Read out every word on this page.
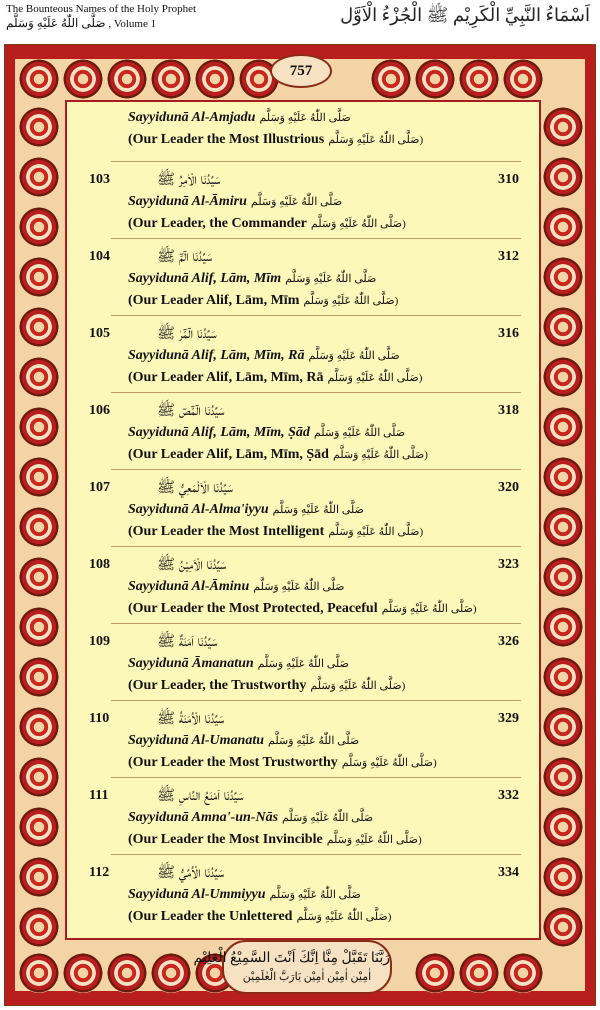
The Bounteous Names of the Holy Prophet
صَلَّى اللّٰهُ عَلَيْهِ وَسَلَّم , Volume 1	اَسْمَاءُ النَّبِيِّ الْكَرِيْم ﷺ الْجُزْءُ الْاَوَّل
757
Sayyidunā Al-Amjadu صَلَّى اللّٰهُ عَلَيْهِ وَسَلَّم
(Our Leader the Most Illustrious صَلَّى اللّٰهُ عَلَيْهِ وَسَلَّم)
103	310
سَيِّدُنَا الْاٰمِرُ ﷺ
Sayyidunā Al-Āmiru صَلَّى اللّٰهُ عَلَيْهِ وَسَلَّم
(Our Leader, the Commander صَلَّى اللّٰهُ عَلَيْهِ وَسَلَّم)
104	312
سَيِّدُنَا الٓمّٓ ﷺ
Sayyidunā Alif, Lām, Mīm صَلَّى اللّٰهُ عَلَيْهِ وَسَلَّم
(Our Leader Alif, Lām, Mīm صَلَّى اللّٰهُ عَلَيْهِ وَسَلَّم)
105	316
سَيِّدُنَا الٓمّٓرٰ ﷺ
Sayyidunā Alif, Lām, Mīm, Rā صَلَّى اللّٰهُ عَلَيْهِ وَسَلَّم
(Our Leader Alif, Lām, Mīm, Rā صَلَّى اللّٰهُ عَلَيْهِ وَسَلَّم)
106	318
سَيِّدُنَا الٓمّٓصٓ ﷺ
Sayyidunā Alif, Lām, Mīm, Ṣād صَلَّى اللّٰهُ عَلَيْهِ وَسَلَّم
(Our Leader Alif, Lām, Mīm, Ṣād صَلَّى اللّٰهُ عَلَيْهِ وَسَلَّم)
107	320
سَيِّدُنَا الْاَلْمَعِيُّ ﷺ
Sayyidunā Al-Alma'iyyu صَلَّى اللّٰهُ عَلَيْهِ وَسَلَّم
(Our Leader the Most Intelligent صَلَّى اللّٰهُ عَلَيْهِ وَسَلَّم)
108	323
سَيِّدُنَا الْاَمِيْنُ ﷺ
Sayyidunā Al-Āminu صَلَّى اللّٰهُ عَلَيْهِ وَسَلَّم
(Our Leader the Most Protected, Peaceful صَلَّى اللّٰهُ عَلَيْهِ وَسَلَّم)
109	326
سَيِّدُنَا اَمَنَةٌ ﷺ
Sayyidunā Āmanatun صَلَّى اللّٰهُ عَلَيْهِ وَسَلَّم
(Our Leader, the Trustworthy صَلَّى اللّٰهُ عَلَيْهِ وَسَلَّم)
110	329
سَيِّدُنَا الْاُمَنَةُ ﷺ
Sayyidunā Al-Umanatu صَلَّى اللّٰهُ عَلَيْهِ وَسَلَّم
(Our Leader the Most Trustworthy صَلَّى اللّٰهُ عَلَيْهِ وَسَلَّم)
111	332
سَيِّدُنَا اَمْنَعُ النَّاسِ ﷺ
Sayyidunā Amna'-un-Nās صَلَّى اللّٰهُ عَلَيْهِ وَسَلَّم
(Our Leader the Most Invincible صَلَّى اللّٰهُ عَلَيْهِ وَسَلَّم)
112	334
سَيِّدُنَا الْاُمِّيُّ ﷺ
Sayyidunā Al-Ummiyyu صَلَّى اللّٰهُ عَلَيْهِ وَسَلَّم
(Our Leader the Unlettered صَلَّى اللّٰهُ عَلَيْهِ وَسَلَّم)
رَبَّنَا تَقَبَّلْ مِنَّا اِنَّكَ اَنْتَ السَّمِيْعُ الْعَلِيْم
اٰمِيْن اٰمِيْن اٰمِيْن يَارَبَّ الْعٰلَمِيْن
